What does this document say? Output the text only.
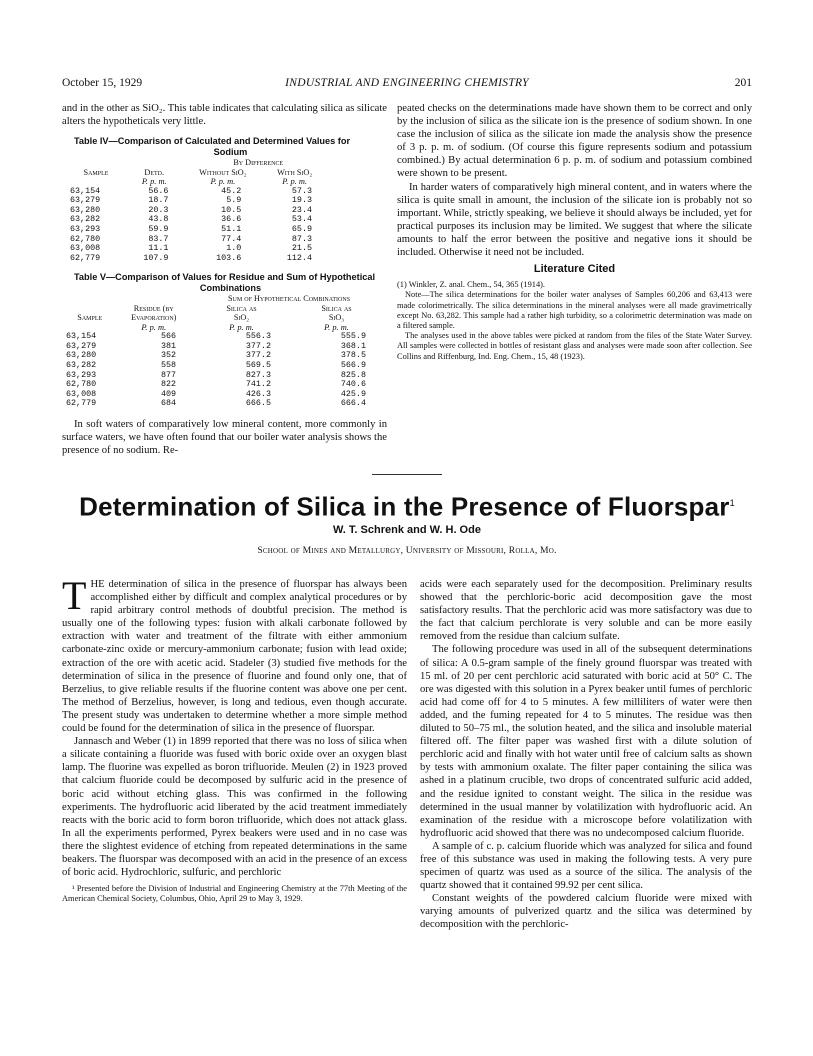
October 15, 1929	INDUSTRIAL AND ENGINEERING CHEMISTRY	201

and in the other as SiO₂. This table indicates that calculating silica as silicate alters the hypotheticals very little.

Table IV—Comparison of Calculated and Determined Values for
Sodium

		By Difference	
Sample	Detd.	Without SiO₂	With SiO₂
	P. p. m.	P. p. m.	P. p. m.
63,154	56.6	45.2	57.3
63,279	18.7	5.9	19.3
63,280	20.3	10.5	23.4
63,282	43.8	36.6	53.4
63,293	59.9	51.1	65.9
62,780	83.7	77.4	87.3
63,008	11.1	1.0	21.5
62,779	107.9	103.6	112.4

Table V—Comparison of Values for Residue and Sum of Hypothetical
Combinations

		Sum of Hypothetical Combinations	
	Residue (by	Silica as	Silica as
Sample	Evaporation)	SiO₂	SiO₃
	P. p. m.	P. p. m.	P. p. m.
63,154	566	556.3	555.9
63,279	381	377.2	368.1
63,280	352	377.2	378.5
63,282	558	569.5	566.9
63,293	877	827.3	825.8
62,780	822	741.2	740.6
63,008	409	426.3	425.9
62,779	684	666.5	666.4

In soft waters of comparatively low mineral content, more commonly in surface waters, we have often found that our boiler water analysis shows the presence of no sodium. Re-

peated checks on the determinations made have shown them to be correct and only by the inclusion of silica as the silicate ion is the presence of sodium shown. In one case the inclusion of silica as the silicate ion made the analysis show the presence of 3 p. p. m. of sodium. (Of course this figure represents sodium and potassium combined.) By actual determination 6 p. p. m. of sodium and potassium combined were shown to be present.

In harder waters of comparatively high mineral content, and in waters where the silica is quite small in amount, the inclusion of the silicate ion is probably not so important. While, strictly speaking, we believe it should always be included, yet for practical purposes its inclusion may be limited. We suggest that where the silicate amounts to half the error between the positive and negative ions it should be included. Otherwise it need not be included.

Literature Cited

(1) Winkler, Z. anal. Chem., 54, 365 (1914).

Note—The silica determinations for the boiler water analyses of Samples 60,206 and 63,413 were made colorimetrically. The silica determinations in the mineral analyses were all made gravimetrically except No. 63,282. This sample had a rather high turbidity, so a colorimetric determination was made on a filtered sample.

The analyses used in the above tables were picked at random from the files of the State Water Survey. All samples were collected in bottles of resistant glass and analyses were made soon after collection. See Collins and Riffenburg, Ind. Eng. Chem., 15, 48 (1923).

Determination of Silica in the Presence of Fluorspar$^1$
W. T. Schrenk and W. H. Ode
School of Mines and Metallurgy, University of Missouri, Rolla, Mo.

THE determination of silica in the presence of fluorspar has always been accomplished either by difficult and complex analytical procedures or by rapid arbitrary control methods of doubtful precision. The method is usually one of the following types: fusion with alkali carbonate followed by extraction with water and treatment of the filtrate with either ammonium carbonate-zinc oxide or mercury-ammonium carbonate; fusion with lead oxide; extraction of the ore with acetic acid. Stadeler (3) studied five methods for the determination of silica in the presence of fluorine and found only one, that of Berzelius, to give reliable results if the fluorine content was above one per cent. The method of Berzelius, however, is long and tedious, even though accurate. The present study was undertaken to determine whether a more simple method could be found for the determination of silica in the presence of fluorspar.

Jannasch and Weber (1) in 1899 reported that there was no loss of silica when a silicate containing a fluoride was fused with boric oxide over an oxygen blast lamp. The fluorine was expelled as boron trifluoride. Meulen (2) in 1923 proved that calcium fluoride could be decomposed by sulfuric acid in the presence of boric acid without etching glass. This was confirmed in the following experiments. The hydrofluoric acid liberated by the acid treatment immediately reacts with the boric acid to form boron trifluoride, which does not attack glass. In all the experiments performed, Pyrex beakers were used and in no case was there the slightest evidence of etching from repeated determinations in the same beakers. The fluorspar was decomposed with an acid in the presence of an excess of boric acid. Hydrochloric, sulfuric, and perchloric

¹ Presented before the Division of Industrial and Engineering Chemistry at the 77th Meeting of the American Chemical Society, Columbus, Ohio, April 29 to May 3, 1929.

acids were each separately used for the decomposition. Preliminary results showed that the perchloric-boric acid decomposition gave the most satisfactory results. That the perchloric acid was more satisfactory was due to the fact that calcium perchlorate is very soluble and can be more easily removed from the residue than calcium sulfate.

The following procedure was used in all of the subsequent determinations of silica: A 0.5-gram sample of the finely ground fluorspar was treated with 15 ml. of 20 per cent perchloric acid saturated with boric acid at 50° C. The ore was digested with this solution in a Pyrex beaker until fumes of perchloric acid had come off for 4 to 5 minutes. A few milliliters of water were then added, and the fuming repeated for 4 to 5 minutes. The residue was then diluted to 50–75 ml., the solution heated, and the silica and insoluble material filtered off. The filter paper was washed first with a dilute solution of perchloric acid and finally with hot water until free of calcium salts as shown by tests with ammonium oxalate. The filter paper containing the silica was ashed in a platinum crucible, two drops of concentrated sulfuric acid added, and the residue ignited to constant weight. The silica in the residue was determined in the usual manner by volatilization with hydrofluoric acid. An examination of the residue with a microscope before volatilization with hydrofluoric acid showed that there was no undecomposed calcium fluoride.

A sample of c. p. calcium fluoride which was analyzed for silica and found free of this substance was used in making the following tests. A very pure specimen of quartz was used as a source of the silica. The analysis of the quartz showed that it contained 99.92 per cent silica.

Constant weights of the powdered calcium fluoride were mixed with varying amounts of pulverized quartz and the silica was determined by decomposition with the perchloric-
